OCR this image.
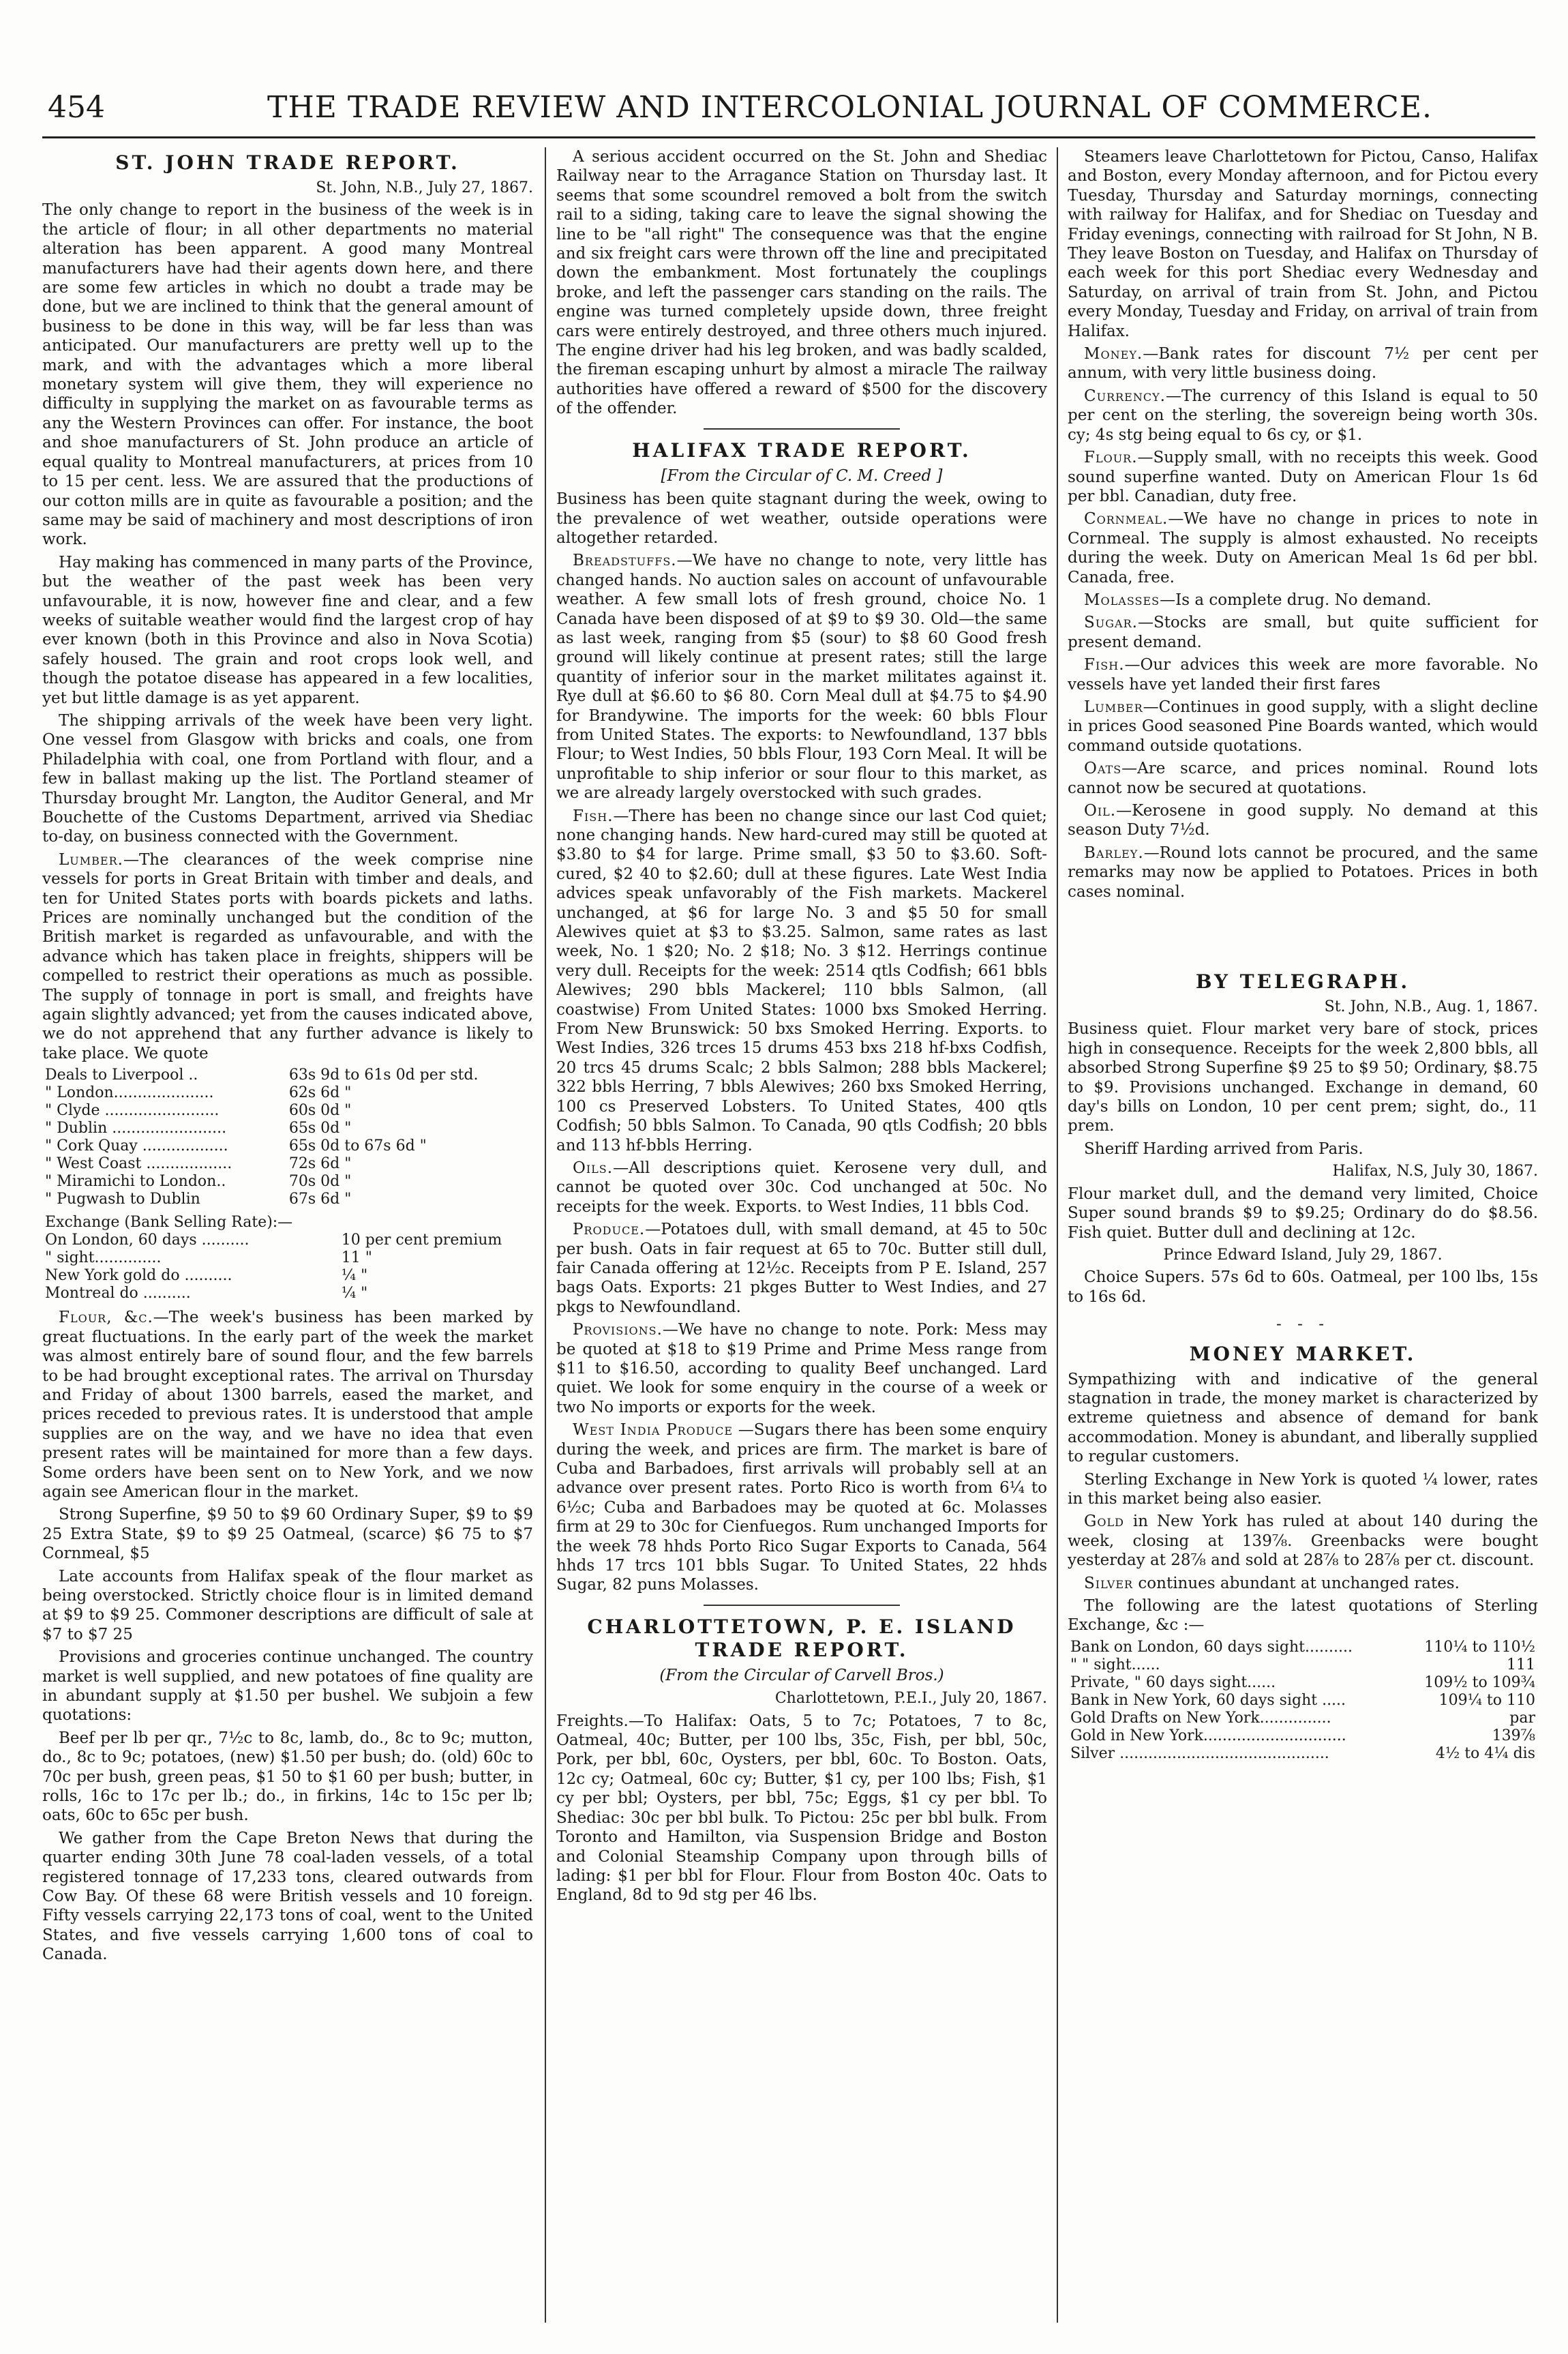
454	THE TRADE REVIEW AND INTERCOLONIAL JOURNAL OF COMMERCE.
ST. JOHN TRADE REPORT.
St. John, N.B., July 27, 1867.

The only change to report in the business of the week is in the article of flour; in all other departments no material alteration has been apparent. A good many Montreal manufacturers have had their agents down here, and there are some few articles in which no doubt a trade may be done, but we are inclined to think that the general amount of business to be done in this way, will be far less than was anticipated. Our manufacturers are pretty well up to the mark, and with the advantages which a more liberal monetary system will give them, they will experience no difficulty in supplying the market on as favourable terms as any the Western Provinces can offer. For instance, the boot and shoe manufacturers of St. John produce an article of equal quality to Montreal manufacturers, at prices from 10 to 15 per cent. less. We are assured that the productions of our cotton mills are in quite as favourable a position; and the same may be said of machinery and most descriptions of iron work.

Hay making has commenced in many parts of the Province, but the weather of the past week has been very unfavourable, it is now, however fine and clear, and a few weeks of suitable weather would find the largest crop of hay ever known (both in this Province and also in Nova Scotia) safely housed. The grain and root crops look well, and though the potatoe disease has appeared in a few localities, yet but little damage is as yet apparent.

The shipping arrivals of the week have been very light. One vessel from Glasgow with bricks and coals, one from Philadelphia with coal, one from Portland with flour, and a few in ballast making up the list. The Portland steamer of Thursday brought Mr. Langton, the Auditor General, and Mr Bouchette of the Customs Department, arrived via Shediac to-day, on business connected with the Government.

Lumber.—The clearances of the week comprise nine vessels for ports in Great Britain with timber and deals, and ten for United States ports with boards pickets and laths. Prices are nominally unchanged but the condition of the British market is regarded as unfavourable, and with the advance which has taken place in freights, shippers will be compelled to restrict their operations as much as possible. The supply of tonnage in port is small, and freights have again slightly advanced; yet from the causes indicated above, we do not apprehend that any further advance is likely to take place. We quote

Deals to Liverpool ..	63s 9d to 61s 0d per std.
" London.....................	62s 6d "
" Clyde ........................	60s 0d "
" Dublin ........................	65s 0d "
" Cork Quay ..................	65s 0d to 67s 6d "
" West Coast ..................	72s 6d "
" Miramichi to London..	70s 0d "
" Pugwash to Dublin	67s 6d "
Exchange (Bank Selling Rate):—	
On London, 60 days ..........	10 per cent premium
" sight..............	11 "
New York gold do ..........	¼ "
Montreal do ..........	¼ "

Flour, &c.—The week's business has been marked by great fluctuations. In the early part of the week the market was almost entirely bare of sound flour, and the few barrels to be had brought exceptional rates. The arrival on Thursday and Friday of about 1300 barrels, eased the market, and prices receded to previous rates. It is understood that ample supplies are on the way, and we have no idea that even present rates will be maintained for more than a few days. Some orders have been sent on to New York, and we now again see American flour in the market.

Strong Superfine, $9 50 to $9 60 Ordinary Super, $9 to $9 25 Extra State, $9 to $9 25 Oatmeal, (scarce) $6 75 to $7 Cornmeal, $5

Late accounts from Halifax speak of the flour market as being overstocked. Strictly choice flour is in limited demand at $9 to $9 25. Commoner descriptions are difficult of sale at $7 to $7 25

Provisions and groceries continue unchanged. The country market is well supplied, and new potatoes of fine quality are in abundant supply at $1.50 per bushel. We subjoin a few quotations:

Beef per lb per qr., 7½c to 8c, lamb, do., 8c to 9c; mutton, do., 8c to 9c; potatoes, (new) $1.50 per bush; do. (old) 60c to 70c per bush, green peas, $1 50 to $1 60 per bush; butter, in rolls, 16c to 17c per lb.; do., in firkins, 14c to 15c per lb; oats, 60c to 65c per bush.

We gather from the Cape Breton News that during the quarter ending 30th June 78 coal-laden vessels, of a total registered tonnage of 17,233 tons, cleared outwards from Cow Bay. Of these 68 were British vessels and 10 foreign. Fifty vessels carrying 22,173 tons of coal, went to the United States, and five vessels carrying 1,600 tons of coal to Canada.

A serious accident occurred on the St. John and Shediac Railway near to the Arragance Station on Thursday last. It seems that some scoundrel removed a bolt from the switch rail to a siding, taking care to leave the signal showing the line to be "all right" The consequence was that the engine and six freight cars were thrown off the line and precipitated down the embankment. Most fortunately the couplings broke, and left the passenger cars standing on the rails. The engine was turned completely upside down, three freight cars were entirely destroyed, and three others much injured. The engine driver had his leg broken, and was badly scalded, the fireman escaping unhurt by almost a miracle The railway authorities have offered a reward of $500 for the discovery of the offender.

HALIFAX TRADE REPORT.
[From the Circular of C. M. Creed ]

Business has been quite stagnant during the week, owing to the prevalence of wet weather, outside operations were altogether retarded.

Breadstuffs.—We have no change to note, very little has changed hands. No auction sales on account of unfavourable weather. A few small lots of fresh ground, choice No. 1 Canada have been disposed of at $9 to $9 30. Old—the same as last week, ranging from $5 (sour) to $8 60 Good fresh ground will likely continue at present rates; still the large quantity of inferior sour in the market militates against it. Rye dull at $6.60 to $6 80. Corn Meal dull at $4.75 to $4.90 for Brandywine. The imports for the week: 60 bbls Flour from United States. The exports: to Newfoundland, 137 bbls Flour; to West Indies, 50 bbls Flour, 193 Corn Meal. It will be unprofitable to ship inferior or sour flour to this market, as we are already largely overstocked with such grades.

Fish.—There has been no change since our last Cod quiet; none changing hands. New hard-cured may still be quoted at $3.80 to $4 for large. Prime small, $3 50 to $3.60. Soft-cured, $2 40 to $2.60; dull at these figures. Late West India advices speak unfavorably of the Fish markets. Mackerel unchanged, at $6 for large No. 3 and $5 50 for small Alewives quiet at $3 to $3.25. Salmon, same rates as last week, No. 1 $20; No. 2 $18; No. 3 $12. Herrings continue very dull. Receipts for the week: 2514 qtls Codfish; 661 bbls Alewives; 290 bbls Mackerel; 110 bbls Salmon, (all coastwise) From United States: 1000 bxs Smoked Herring. From New Brunswick: 50 bxs Smoked Herring. Exports. to West Indies, 326 trces 15 drums 453 bxs 218 hf-bxs Codfish, 20 trcs 45 drums Scalc; 2 bbls Salmon; 288 bbls Mackerel; 322 bbls Herring, 7 bbls Alewives; 260 bxs Smoked Herring, 100 cs Preserved Lobsters. To United States, 400 qtls Codfish; 50 bbls Salmon. To Canada, 90 qtls Codfish; 20 bbls and 113 hf-bbls Herring.

Oils.—All descriptions quiet. Kerosene very dull, and cannot be quoted over 30c. Cod unchanged at 50c. No receipts for the week. Exports. to West Indies, 11 bbls Cod.

Produce.—Potatoes dull, with small demand, at 45 to 50c per bush. Oats in fair request at 65 to 70c. Butter still dull, fair Canada offering at 12½c. Receipts from P E. Island, 257 bags Oats. Exports: 21 pkges Butter to West Indies, and 27 pkgs to Newfoundland.

Provisions.—We have no change to note. Pork: Mess may be quoted at $18 to $19 Prime and Prime Mess range from $11 to $16.50, according to quality Beef unchanged. Lard quiet. We look for some enquiry in the course of a week or two No imports or exports for the week.

West India Produce —Sugars there has been some enquiry during the week, and prices are firm. The market is bare of Cuba and Barbadoes, first arrivals will probably sell at an advance over present rates. Porto Rico is worth from 6¼ to 6½c; Cuba and Barbadoes may be quoted at 6c. Molasses firm at 29 to 30c for Cienfuegos. Rum unchanged Imports for the week 78 hhds Porto Rico Sugar Exports to Canada, 564 hhds 17 trcs 101 bbls Sugar. To United States, 22 hhds Sugar, 82 puns Molasses.

CHARLOTTETOWN, P. E. ISLAND TRADE REPORT.
(From the Circular of Carvell Bros.)
Charlottetown, P.E.I., July 20, 1867.

Freights.—To Halifax: Oats, 5 to 7c; Potatoes, 7 to 8c, Oatmeal, 40c; Butter, per 100 lbs, 35c, Fish, per bbl, 50c, Pork, per bbl, 60c, Oysters, per bbl, 60c. To Boston. Oats, 12c cy; Oatmeal, 60c cy; Butter, $1 cy, per 100 lbs; Fish, $1 cy per bbl; Oysters, per bbl, 75c; Eggs, $1 cy per bbl. To Shediac: 30c per bbl bulk. To Pictou: 25c per bbl bulk. From Toronto and Hamilton, via Suspension Bridge and Boston and Colonial Steamship Company upon through bills of lading: $1 per bbl for Flour. Flour from Boston 40c. Oats to England, 8d to 9d stg per 46 lbs.

Steamers leave Charlottetown for Pictou, Canso, Halifax and Boston, every Monday afternoon, and for Pictou every Tuesday, Thursday and Saturday mornings, connecting with railway for Halifax, and for Shediac on Tuesday and Friday evenings, connecting with railroad for St John, N B. They leave Boston on Tuesday, and Halifax on Thursday of each week for this port Shediac every Wednesday and Saturday, on arrival of train from St. John, and Pictou every Monday, Tuesday and Friday, on arrival of train from Halifax.

Money.—Bank rates for discount 7½ per cent per annum, with very little business doing.

Currency.—The currency of this Island is equal to 50 per cent on the sterling, the sovereign being worth 30s. cy; 4s stg being equal to 6s cy, or $1.

Flour.—Supply small, with no receipts this week. Good sound superfine wanted. Duty on American Flour 1s 6d per bbl. Canadian, duty free.

Cornmeal.—We have no change in prices to note in Cornmeal. The supply is almost exhausted. No receipts during the week. Duty on American Meal 1s 6d per bbl. Canada, free.

Molasses—Is a complete drug. No demand.

Sugar.—Stocks are small, but quite sufficient for present demand.

Fish.—Our advices this week are more favorable. No vessels have yet landed their first fares

Lumber—Continues in good supply, with a slight decline in prices Good seasoned Pine Boards wanted, which would command outside quotations.

Oats—Are scarce, and prices nominal. Round lots cannot now be secured at quotations.

Oil.—Kerosene in good supply. No demand at this season Duty 7½d.

Barley.—Round lots cannot be procured, and the same remarks may now be applied to Potatoes. Prices in both cases nominal.

BY TELEGRAPH.
St. John, N.B., Aug. 1, 1867.

Business quiet. Flour market very bare of stock, prices high in consequence. Receipts for the week 2,800 bbls, all absorbed Strong Superfine $9 25 to $9 50; Ordinary, $8.75 to $9. Provisions unchanged. Exchange in demand, 60 day's bills on London, 10 per cent prem; sight, do., 11 prem.

Sheriff Harding arrived from Paris.

Halifax, N.S, July 30, 1867.

Flour market dull, and the demand very limited, Choice Super sound brands $9 to $9.25; Ordinary do do $8.56. Fish quiet. Butter dull and declining at 12c.

Prince Edward Island, July 29, 1867.

Choice Supers. 57s 6d to 60s. Oatmeal, per 100 lbs, 15s to 16s 6d.

- - -
MONEY MARKET.

Sympathizing with and indicative of the general stagnation in trade, the money market is characterized by extreme quietness and absence of demand for bank accommodation. Money is abundant, and liberally supplied to regular customers.

Sterling Exchange in New York is quoted ¼ lower, rates in this market being also easier.

Gold in New York has ruled at about 140 during the week, closing at 139⅞. Greenbacks were bought yesterday at 28⅞ and sold at 28⅞ to 28⅞ per ct. discount.

Silver continues abundant at unchanged rates.

The following are the latest quotations of Sterling Exchange, &c :—

Bank on London, 60 days sight..........	110¼ to 110½
" " sight......	111
Private, " 60 days sight......	109½ to 109¾
Bank in New York, 60 days sight .....	109¼ to 110
Gold Drafts on New York...............	par
Gold in New York..............................	139⅞
Silver ............................................	4½ to 4¼ dis
